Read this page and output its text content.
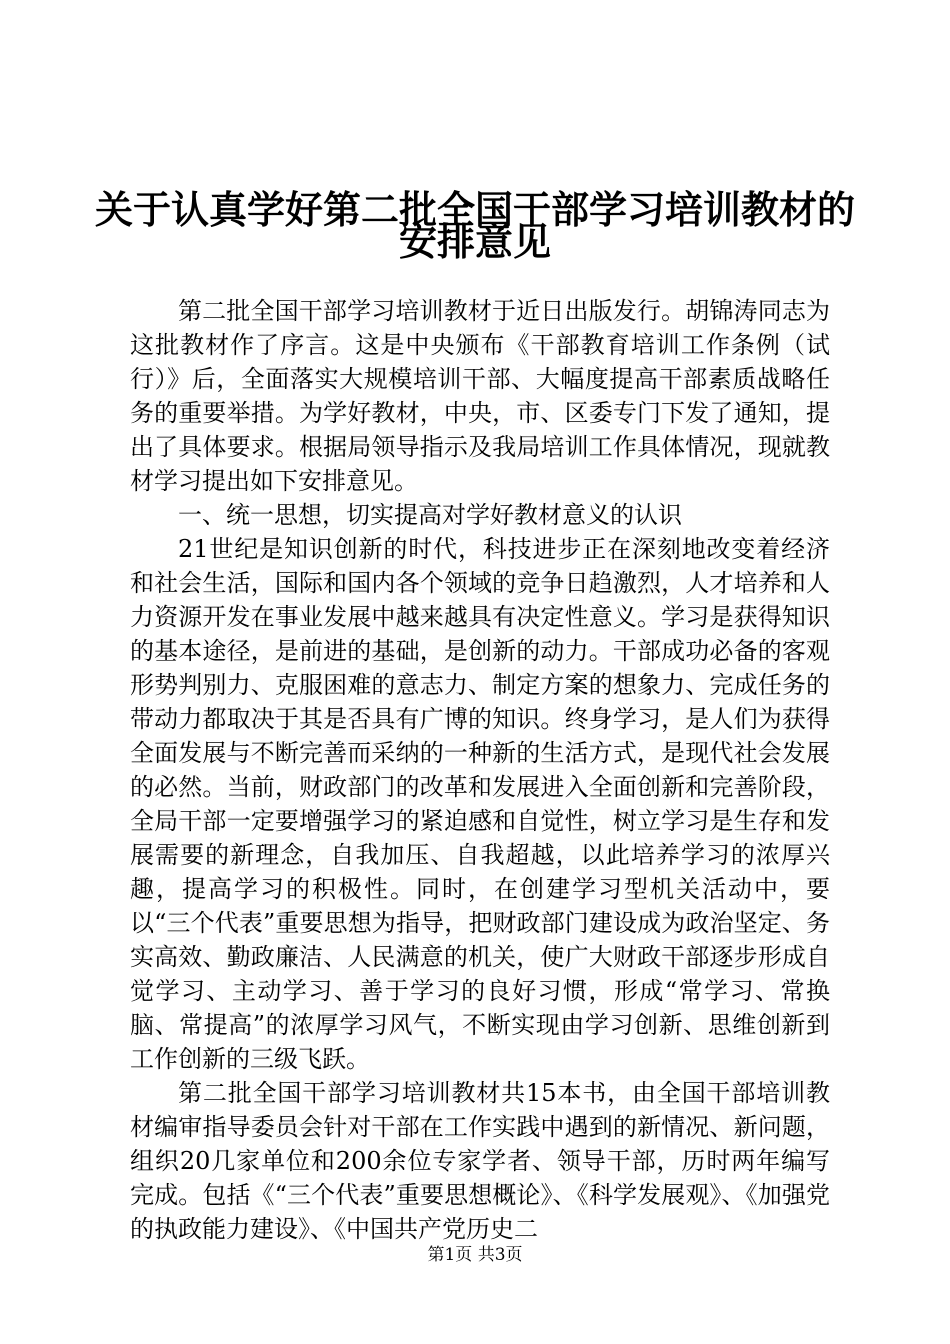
关于认真学好第二批全国干部学习培训教材的
安排意见

第二批全国干部学习培训教材于近日出版发行。胡锦涛同志为这批教材作了序言。这是中央颁布《干部教育培训工作条例（试行）》后，全面落实大规模培训干部、大幅度提高干部素质战略任务的重要举措。为学好教材，中央，市、区委专门下发了通知，提出了具体要求。根据局领导指示及我局培训工作具体情况，现就教材学习提出如下安排意见。

一、统一思想，切实提高对学好教材意义的认识

21世纪是知识创新的时代，科技进步正在深刻地改变着经济和社会生活，国际和国内各个领域的竞争日趋激烈，人才培养和人力资源开发在事业发展中越来越具有决定性意义。学习是获得知识的基本途径，是前进的基础，是创新的动力。干部成功必备的客观形势判别力、克服困难的意志力、制定方案的想象力、完成任务的带动力都取决于其是否具有广博的知识。终身学习，是人们为获得全面发展与不断完善而采纳的一种新的生活方式，是现代社会发展的必然。当前，财政部门的改革和发展进入全面创新和完善阶段，全局干部一定要增强学习的紧迫感和自觉性，树立学习是生存和发展需要的新理念，自我加压、自我超越，以此培养学习的浓厚兴趣，提高学习的积极性。同时，在创建学习型机关活动中，要以“三个代表”重要思想为指导，把财政部门建设成为政治坚定、务实高效、勤政廉洁、人民满意的机关，使广大财政干部逐步形成自觉学习、主动学习、善于学习的良好习惯，形成“常学习、常换脑、常提高”的浓厚学习风气，不断实现由学习创新、思维创新到工作创新的三级飞跃。

第二批全国干部学习培训教材共15本书，由全国干部培训教材编审指导委员会针对干部在工作实践中遇到的新情况、新问题，组织20几家单位和200余位专家学者、领导干部，历时两年编写完成。包括《“三个代表”重要思想概论》、《科学发展观》、《加强党的执政能力建设》、《中国共产党历史二

第1页 共3页
